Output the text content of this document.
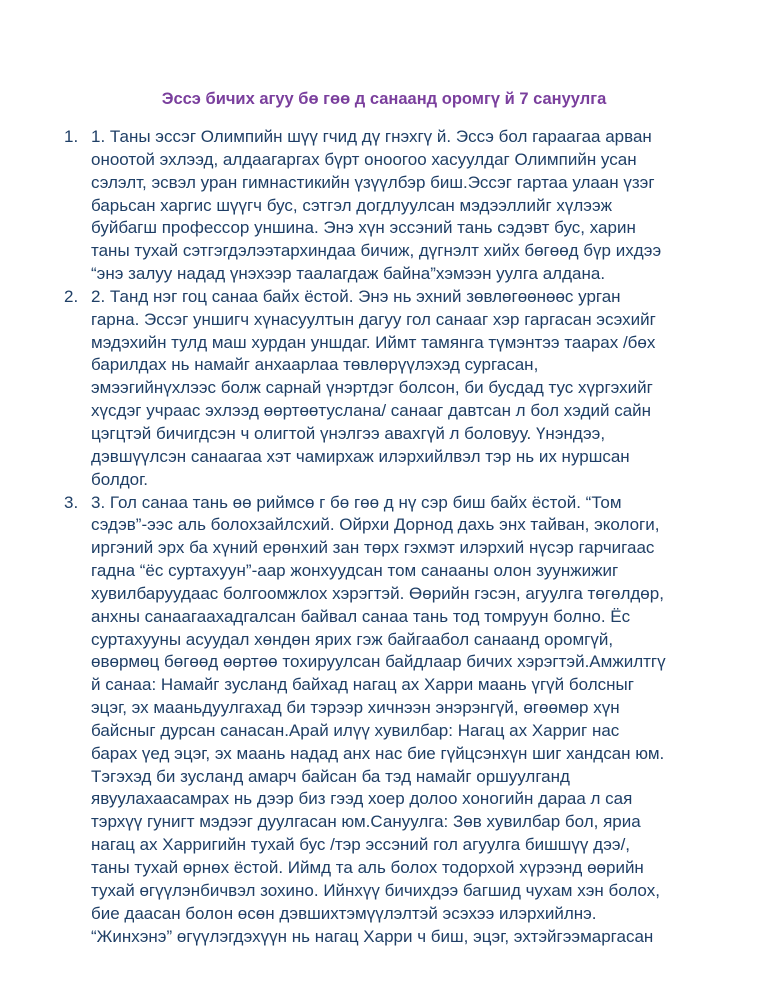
Эссэ бичих агуу бө гөө д санаанд оромгү й 7 сануулга
1. 1. Таны эссэг Олимпийн шүү гчид дү гнэхгү й. Эссэ бол гараагаа арван
оноотой эхлээд, алдаагаргах бүрт оноогоо хасуулдаг Олимпийн усан
сэлэлт, эсвэл уран гимнастикийн үзүүлбэр биш.Эссэг гартаа улаан үзэг
барьсан харгис шүүгч бус, сэтгэл догдлуулсан мэдээллийг хүлээж
буйбагш профессор уншина. Энэ хүн эссэний тань сэдэвт бус, харин
таны тухай сэтгэгдэлээтархиндаа бичиж, дүгнэлт хийх бөгөөд бүр ихдээ
“энэ залуу надад үнэхээр таалагдаж байна”хэмээн уулга алдана.
2. 2. Танд нэг гоц санаа байх ёстой. Энэ нь эхний зөвлөгөөнөөс урган
гарна. Эссэг уншигч хүнасуултын дагуу гол санааг хэр гаргасан эсэхийг
мэдэхийн тулд маш хурдан уншдаг. Иймт тамянга түмэнтээ таарах /бөх
барилдах нь намайг анхаарлаа төвлөрүүлэхэд сургасан,
эмээгийнүхлээс болж сарнай үнэртдэг болсон, би бусдад тус хүргэхийг
хүсдэг учраас эхлээд өөртөөтуслана/ санааг давтсан л бол хэдий сайн
цэгцтэй бичигдсэн ч олигтой үнэлгээ авахгүй л боловуу. Үнэндээ,
дэвшүүлсэн санаагаа хэт чамирхаж илэрхийлвэл тэр нь их нуршсан
болдог.
3. 3. Гол санаа тань өө риймсө г бө гөө д нү сэр биш байх ёстой. “Том
сэдэв”-ээс аль болохзайлсхий. Ойрхи Дорнод дахь энх тайван, экологи,
иргэний эрх ба хүний ерөнхий зан төрх гэхмэт илэрхий нүсэр гарчигаас
гадна “ёс суртахуун”-аар жонхуудсан том санааны олон зуунжижиг
хувилбаруудаас болгоомжлох хэрэгтэй. Өөрийн гэсэн, агуулга төгөлдөр,
анхны санаагаахадгалсан байвал санаа тань тод томруун болно. Ёс
суртахууны асуудал хөндөн ярих гэж байгаабол санаанд оромгүй,
өвөрмөц бөгөөд өөртөө тохируулсан байдлаар бичих хэрэгтэй.Амжилтгү
й санаа: Намайг зусланд байхад нагац ах Харри маань үгүй болсныг
эцэг, эх мааньдуулгахад би тэрээр хичнээн энэрэнгүй, өгөөмөр хүн
байсныг дурсан санасан.Арай илүү хувилбар: Нагац ах Харриг нас
барах үед эцэг, эх маань надад анх нас бие гүйцсэнхүн шиг хандсан юм.
Тэгэхэд би зусланд амарч байсан ба тэд намайг оршуулганд
явуулахаасамрах нь дээр биз гээд хоер долоо хоногийн дараа л сая
тэрхүү гунигт мэдээг дуулгасан юм.Сануулга: Зөв хувилбар бол, яриа
нагац ах Харригийн тухай бус /тэр эссэний гол агуулга бишшүү дээ/,
таны тухай өрнөх ёстой. Иймд та аль болох тодорхой хүрээнд өөрийн
тухай өгүүлэнбичвэл зохино. Ийнхүү бичихдээ багшид чухам хэн болох,
бие даасан болон өсөн дэвшихтэмүүлэлтэй эсэхээ илэрхийлнэ.
“Жинхэнэ” өгүүлэгдэхүүн нь нагац Харри ч биш, эцэг, эхтэйгээмаргасан
